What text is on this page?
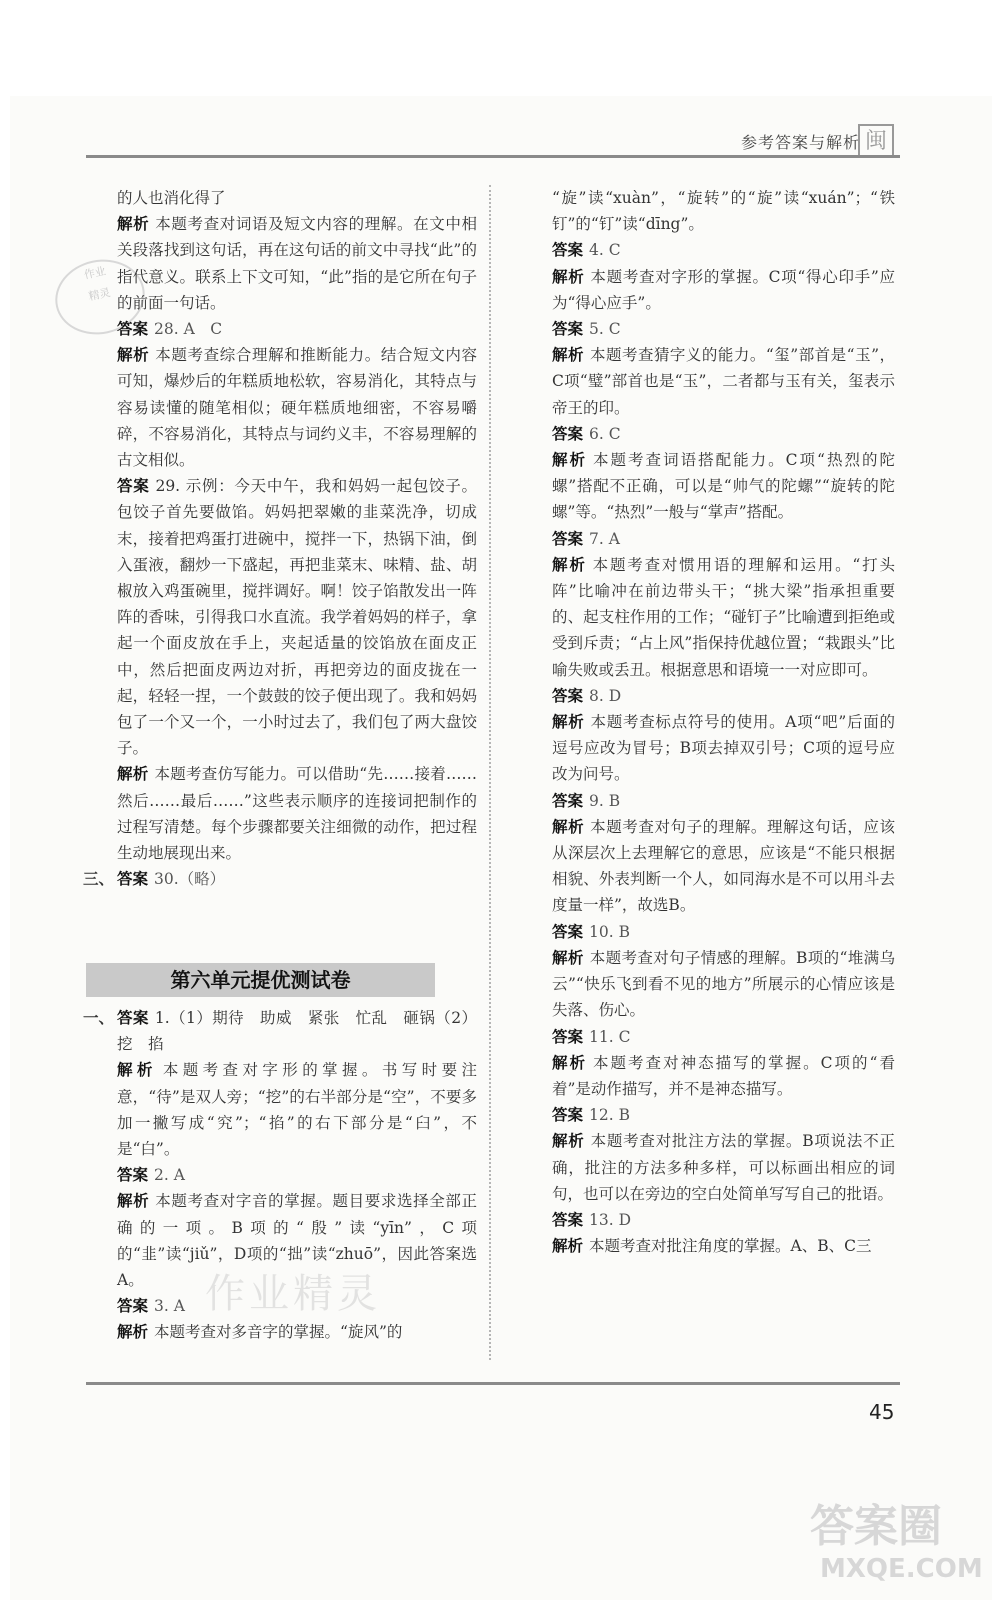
参考答案与解析 闽
作业
精灵
作业精灵

的人也消化得了

解析 本题考查对词语及短文内容的理解。在文中相关段落找到这句话，再在这句话的前文中寻找“此”的指代意义。联系上下文可知，“此”指的是它所在句子的前面一句话。

答案 28. A　C

解析 本题考查综合理解和推断能力。结合短文内容可知，爆炒后的年糕质地松软，容易消化，其特点与容易读懂的随笔相似；硬年糕质地细密，不容易嚼碎，不容易消化，其特点与词约义丰，不容易理解的古文相似。

答案 29. 示例：今天中午，我和妈妈一起包饺子。包饺子首先要做馅。妈妈把翠嫩的韭菜洗净，切成末，接着把鸡蛋打进碗中，搅拌一下，热锅下油，倒入蛋液，翻炒一下盛起，再把韭菜末、味精、盐、胡椒放入鸡蛋碗里，搅拌调好。啊！饺子馅散发出一阵阵的香味，引得我口水直流。我学着妈妈的样子，拿起一个面皮放在手上，夹起适量的饺馅放在面皮正中，然后把面皮两边对折，再把旁边的面皮拢在一起，轻轻一捏，一个鼓鼓的饺子便出现了。我和妈妈包了一个又一个，一小时过去了，我们包了两大盘饺子。

解析 本题考查仿写能力。可以借助“先……接着……然后……最后……”这些表示顺序的连接词把制作的过程写清楚。每个步骤都要关注细微的动作，把过程生动地展现出来。

三、 答案 30.（略）

第六单元提优测试卷

一、 答案 1.（1）期待　助威　紧张　忙乱　砸锅（2）挖　掐

解析 本题考查对字形的掌握。书写时要注意，“待”是双人旁；“挖”的右半部分是“空”，不要多加一撇写成“究”；“掐”的右下部分是“臼”，不是“白”。

答案 2. A

解析 本题考查对字音的掌握。题目要求选择全部正确的一项。B项的“殷”读“yīn”，C项的“韭”读“jiǔ”，D项的“拙”读“zhuō”，因此答案选A。

答案 3. A

解析 本题考查对多音字的掌握。“旋风”的

“旋”读“xuàn”，“旋转”的“旋”读“xuán”；“铁钉”的“钉”读“dīng”。

答案 4. C

解析 本题考查对字形的掌握。C项“得心印手”应为“得心应手”。

答案 5. C

解析 本题考查猜字义的能力。“玺”部首是“玉”，C项“璧”部首也是“玉”，二者都与玉有关，玺表示帝王的印。

答案 6. C

解析 本题考查词语搭配能力。C项“热烈的陀螺”搭配不正确，可以是“帅气的陀螺”“旋转的陀螺”等。“热烈”一般与“掌声”搭配。

答案 7. A

解析 本题考查对惯用语的理解和运用。“打头阵”比喻冲在前边带头干；“挑大梁”指承担重要的、起支柱作用的工作；“碰钉子”比喻遭到拒绝或受到斥责；“占上风”指保持优越位置；“栽跟头”比喻失败或丢丑。根据意思和语境一一对应即可。

答案 8. D

解析 本题考查标点符号的使用。A项“吧”后面的逗号应改为冒号；B项去掉双引号；C项的逗号应改为问号。

答案 9. B

解析 本题考查对句子的理解。理解这句话，应该从深层次上去理解它的意思，应该是“不能只根据相貌、外表判断一个人，如同海水是不可以用斗去度量一样”，故选B。

答案 10. B

解析 本题考查对句子情感的理解。B项的“堆满乌云”“快乐飞到看不见的地方”所展示的心情应该是失落、伤心。

答案 11. C

解析 本题考查对神态描写的掌握。C项的“看着”是动作描写，并不是神态描写。

答案 12. B

解析 本题考查对批注方法的掌握。B项说法不正确，批注的方法多种多样，可以标画出相应的词句，也可以在旁边的空白处简单写写自己的批语。

答案 13. D

解析 本题考查对批注角度的掌握。A、B、C三

45
答案圈
MXQE.COM
